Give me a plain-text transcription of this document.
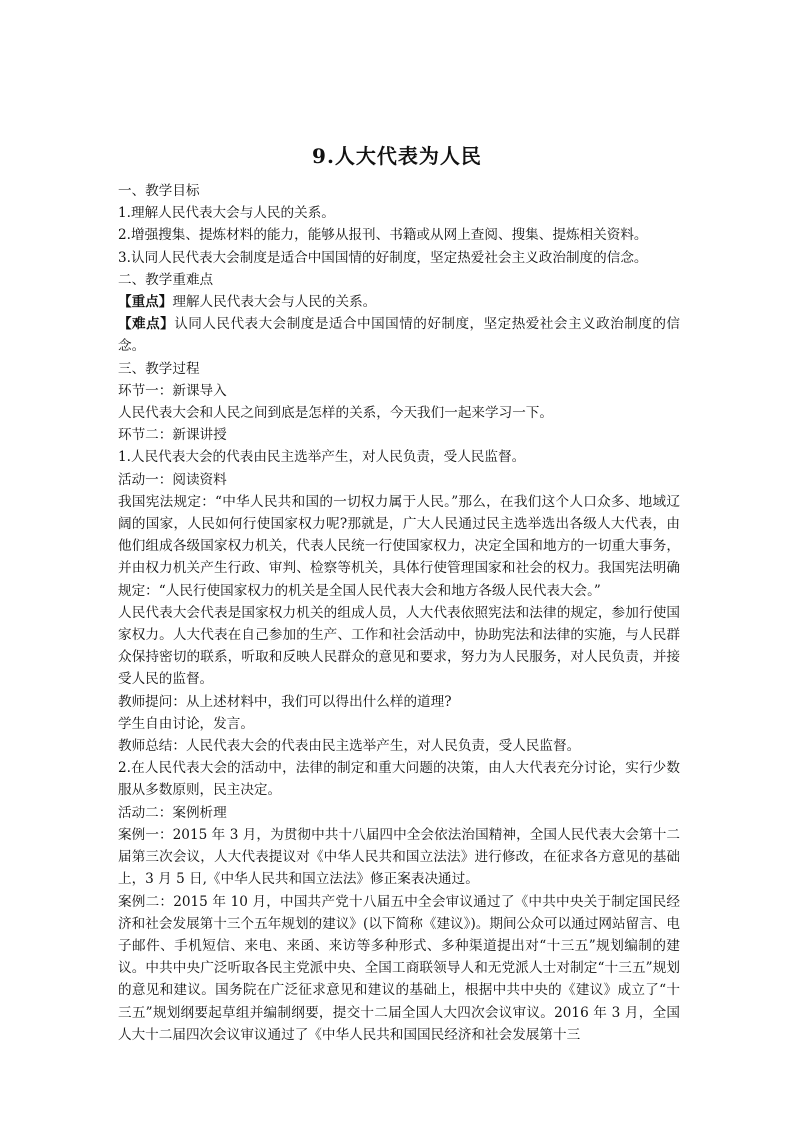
9.人大代表为人民

一、教学目标

1.理解人民代表大会与人民的关系。

2.增强搜集、提炼材料的能力，能够从报刊、书籍或从网上查阅、搜集、提炼相关资料。

3.认同人民代表大会制度是适合中国国情的好制度，坚定热爱社会主义政治制度的信念。

二、教学重难点

【重点】理解人民代表大会与人民的关系。

【难点】认同人民代表大会制度是适合中国国情的好制度，坚定热爱社会主义政治制度的信念。

三、教学过程

环节一：新课导入

人民代表大会和人民之间到底是怎样的关系，今天我们一起来学习一下。

环节二：新课讲授

1.人民代表大会的代表由民主选举产生，对人民负责，受人民监督。

活动一：阅读资料

我国宪法规定：“中华人民共和国的一切权力属于人民。”那么，在我们这个人口众多、地域辽阔的国家，人民如何行使国家权力呢?那就是，广大人民通过民主选举选出各级人大代表，由他们组成各级国家权力机关，代表人民统一行使国家权力，决定全国和地方的一切重大事务，并由权力机关产生行政、审判、检察等机关，具体行使管理国家和社会的权力。我国宪法明确规定：“人民行使国家权力的机关是全国人民代表大会和地方各级人民代表大会。”

人民代表大会代表是国家权力机关的组成人员，人大代表依照宪法和法律的规定，参加行使国家权力。人大代表在自己参加的生产、工作和社会活动中，协助宪法和法律的实施，与人民群众保持密切的联系，听取和反映人民群众的意见和要求，努力为人民服务，对人民负责，并接受人民的监督。

教师提问：从上述材料中，我们可以得出什么样的道理?

学生自由讨论，发言。

教师总结：人民代表大会的代表由民主选举产生，对人民负责，受人民监督。

2.在人民代表大会的活动中，法律的制定和重大问题的决策，由人大代表充分讨论，实行少数服从多数原则，民主决定。

活动二：案例析理

案例一：2015 年 3 月，为贯彻中共十八届四中全会依法治国精神，全国人民代表大会第十二届第三次会议，人大代表提议对《中华人民共和国立法法》进行修改，在征求各方意见的基础上，3 月 5 日,《中华人民共和国立法法》修正案表决通过。

案例二：2015 年 10 月，中国共产党十八届五中全会审议通过了《中共中央关于制定国民经济和社会发展第十三个五年规划的建议》(以下简称《建议》)。期间公众可以通过网站留言、电子邮件、手机短信、来电、来函、来访等多种形式、多种渠道提出对“十三五”规划编制的建议。中共中央广泛听取各民主党派中央、全国工商联领导人和无党派人士对制定“十三五”规划的意见和建议。国务院在广泛征求意见和建议的基础上，根据中共中央的《建议》成立了“十三五”规划纲要起草组并编制纲要，提交十二届全国人大四次会议审议。2016 年 3 月，全国人大十二届四次会议审议通过了《中华人民共和国国民经济和社会发展第十三
